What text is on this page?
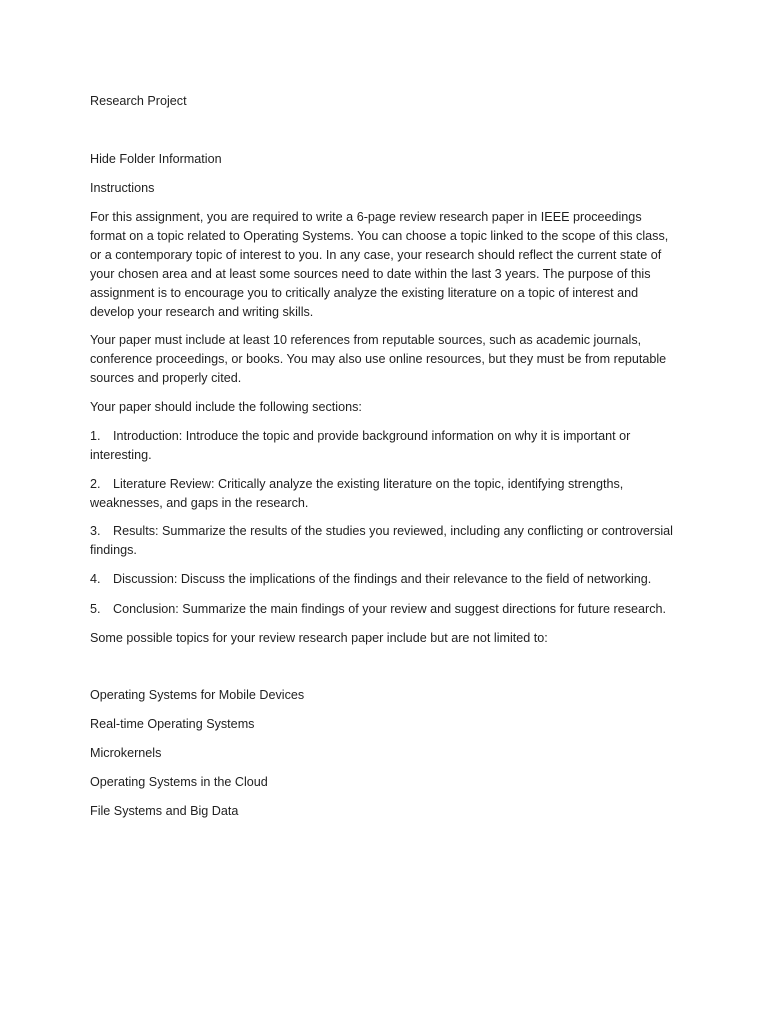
Research Project
Hide Folder Information
Instructions
For this assignment, you are required to write a 6-page review research paper in IEEE proceedings format on a topic related to Operating Systems. You can choose a topic linked to the scope of this class, or a contemporary topic of interest to you. In any case, your research should reflect the current state of your chosen area and at least some sources need to date within the last 3 years. The purpose of this assignment is to encourage you to critically analyze the existing literature on a topic of interest and develop your research and writing skills.
Your paper must include at least 10 references from reputable sources, such as academic journals, conference proceedings, or books. You may also use online resources, but they must be from reputable sources and properly cited.
Your paper should include the following sections:
1. Introduction: Introduce the topic and provide background information on why it is important or interesting.
2. Literature Review: Critically analyze the existing literature on the topic, identifying strengths, weaknesses, and gaps in the research.
3. Results: Summarize the results of the studies you reviewed, including any conflicting or controversial findings.
4. Discussion: Discuss the implications of the findings and their relevance to the field of networking.
5. Conclusion: Summarize the main findings of your review and suggest directions for future research.
Some possible topics for your review research paper include but are not limited to:
Operating Systems for Mobile Devices
Real-time Operating Systems
Microkernels
Operating Systems in the Cloud
File Systems and Big Data
